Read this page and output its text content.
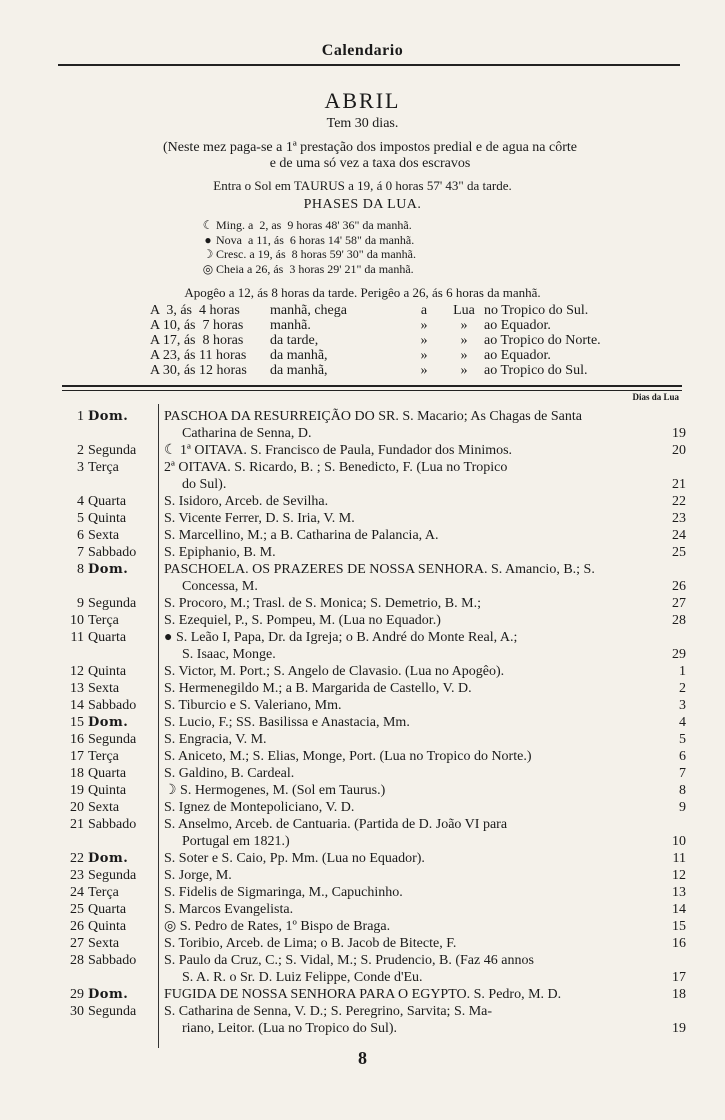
Calendario
ABRIL
Tem 30 dias.
(Neste mez paga-se a 1ª prestação dos impostos predial e de agua na côrte
e de uma só vez a taxa dos escravos
Entra o Sol em TAURUS a 19, á 0 horas 57' 43" da tarde.
PHASES DA LUA.
☾ Ming. a  2, as  9 horas 48' 36" da manhã.
● Nova  a 11, ás  6 horas 14' 58" da manhã.
☽ Cresc. a 19, ás  8 horas 59' 30" da manhã.
◎ Cheia a 26, ás  3 horas 29' 21" da manhã.
Apogêo a 12, ás 8 horas da tarde. Perigêo a 26, ás 6 horas da manhã.
A  3, ás  4 horas	manhã, chega	a	Lua no Tropico do Sul.
A 10, ás  7 horas	manhã.	»	»	ao Equador.
A 17, ás  8 horas	da tarde,	»	»	ao Tropico do Norte.
A 23, ás 11 horas	da manhã,	»	»	ao Equador.
A 30, ás 12 horas	da manhã,	»	»	ao Tropico do Sul.
Dias da Lua
1 Dom.	PASCHOA DA RESURREIÇÃO DO SR. S. Macario; As Chagas de Santa
Catharina de Senna, D.	19
2 Segunda	☾ 1ª OITAVA. S. Francisco de Paula, Fundador dos Minimos.	20
3 Terça	2ª OITAVA. S. Ricardo, B. ; S. Benedicto, F. (Lua no Tropico
do Sul).	21
4 Quarta	S. Isidoro, Arceb. de Sevilha.	22
5 Quinta	S. Vicente Ferrer, D. S. Iria, V. M.	23
6 Sexta	S. Marcellino, M.; a B. Catharina de Palancia, A.	24
7 Sabbado	S. Epiphanio, B. M.	25
8 Dom.	PASCHOELA. OS PRAZERES DE NOSSA SENHORA. S. Amancio, B.; S.
Concessa, M.	26
9 Segunda	S. Procoro, M.; Trasl. de S. Monica; S. Demetrio, B. M.;	27
10 Terça	S. Ezequiel, P., S. Pompeu, M. (Lua no Equador.)	28
11 Quarta	● S. Leão I, Papa, Dr. da Igreja; o B. André do Monte Real, A.;
S. Isaac, Monge.	29
12 Quinta	S. Victor, M. Port.; S. Angelo de Clavasio. (Lua no Apogêo).	1
13 Sexta	S. Hermenegildo M.; a B. Margarida de Castello, V. D.	2
14 Sabbado	S. Tiburcio e S. Valeriano, Mm.	3
15 Dom.	S. Lucio, F.; SS. Basilissa e Anastacia, Mm.	4
16 Segunda	S. Engracia, V. M.	5
17 Terça	S. Aniceto, M.; S. Elias, Monge, Port. (Lua no Tropico do Norte.)	6
18 Quarta	S. Galdino, B. Cardeal.	7
19 Quinta	☽ S. Hermogenes, M. (Sol em Taurus.)	8
20 Sexta	S. Ignez de Montepoliciano, V. D.	9
21 Sabbado	S. Anselmo, Arceb. de Cantuaria. (Partida de D. João VI para
Portugal em 1821.)	10
22 Dom.	S. Soter e S. Caio, Pp. Mm. (Lua no Equador).	11
23 Segunda	S. Jorge, M.	12
24 Terça	S. Fidelis de Sigmaringa, M., Capuchinho.	13
25 Quarta	S. Marcos Evangelista.	14
26 Quinta	◎ S. Pedro de Rates, 1º Bispo de Braga.	15
27 Sexta	S. Toribio, Arceb. de Lima; o B. Jacob de Bitecte, F.	16
28 Sabbado	S. Paulo da Cruz, C.; S. Vidal, M.; S. Prudencio, B. (Faz 46 annos
S. A. R. o Sr. D. Luiz Felippe, Conde d'Eu.	17
29 Dom.	FUGIDA DE NOSSA SENHORA PARA O EGYPTO. S. Pedro, M. D.	18
30 Segunda	S. Catharina de Senna, V. D.; S. Peregrino, Sarvita; S. Ma-
riano, Leitor. (Lua no Tropico do Sul).	19
8
